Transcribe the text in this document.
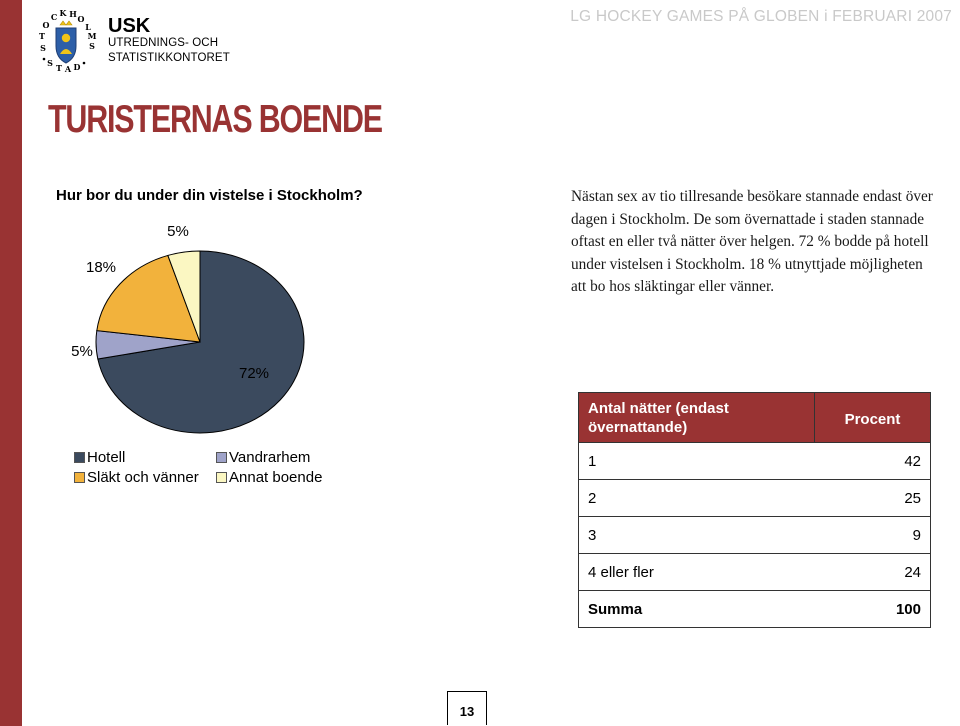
S
T
O
C K H O
L
M
S
S T A D
USK
UTREDNINGS- OCH
STATISTIKKONTORET
LG HOCKEY GAMES PÅ GLOBEN i FEBRUARI 2007
TURISTERNAS BOENDE
Hur bor du under din vistelse i Stockholm?	Nästan sex av tio tillresande besökare stannade endast över dagen i Stockholm. De som övernattade i staden stannade oftast en eller två nätter över helgen. 72 % bodde på hotell under vistelsen i Stockholm. 18 % utnyttjade möjligheten att bo hos släktingar eller vänner.
72%
5%
18%
5%
Hotell	Vandrarhem
Släkt och vänner Annat boende
Antal nätter (endast övernattande)	Procent
1	42
2	25
3	9
4 eller fler	24
Summa	100
13
